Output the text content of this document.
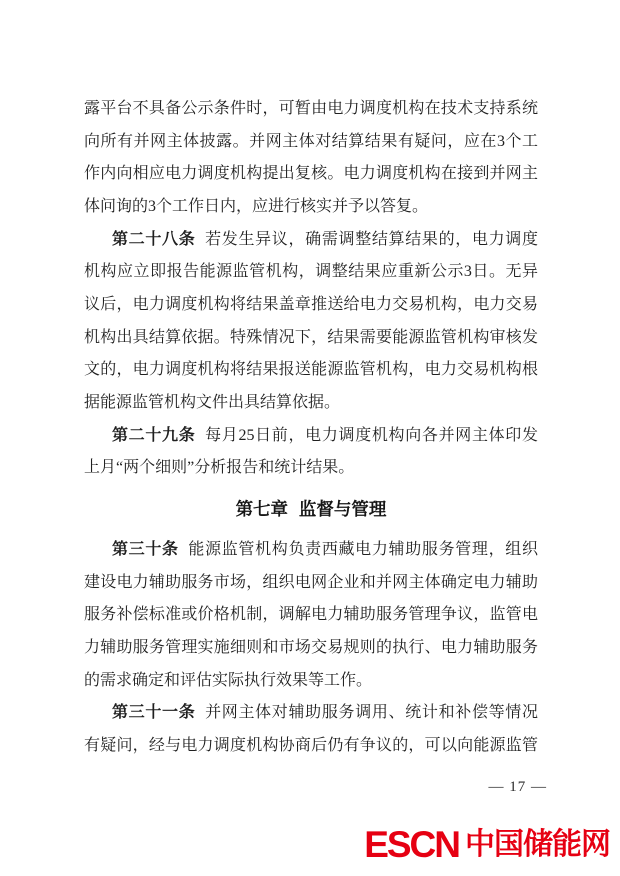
露平台不具备公示条件时，可暂由电力调度机构在技术支持系统
向所有并网主体披露。并网主体对结算结果有疑问，应在3个工
作内向相应电力调度机构提出复核。电力调度机构在接到并网主
体问询的3个工作日内，应进行核实并予以答复。
第二十八条 若发生异议，确需调整结算结果的，电力调度
机构应立即报告能源监管机构，调整结果应重新公示3日。无异
议后，电力调度机构将结果盖章推送给电力交易机构，电力交易
机构出具结算依据。特殊情况下，结果需要能源监管机构审核发
文的，电力调度机构将结果报送能源监管机构，电力交易机构根
据能源监管机构文件出具结算依据。
第二十九条 每月25日前，电力调度机构向各并网主体印发
上月“两个细则”分析报告和统计结果。
第七章 监督与管理
第三十条 能源监管机构负责西藏电力辅助服务管理，组织
建设电力辅助服务市场，组织电网企业和并网主体确定电力辅助
服务补偿标准或价格机制，调解电力辅助服务管理争议，监管电
力辅助服务管理实施细则和市场交易规则的执行、电力辅助服务
的需求确定和评估实际执行效果等工作。
第三十一条 并网主体对辅助服务调用、统计和补偿等情况
有疑问，经与电力调度机构协商后仍有争议的，可以向能源监管
— 17 —
ESCN 中国储能网
